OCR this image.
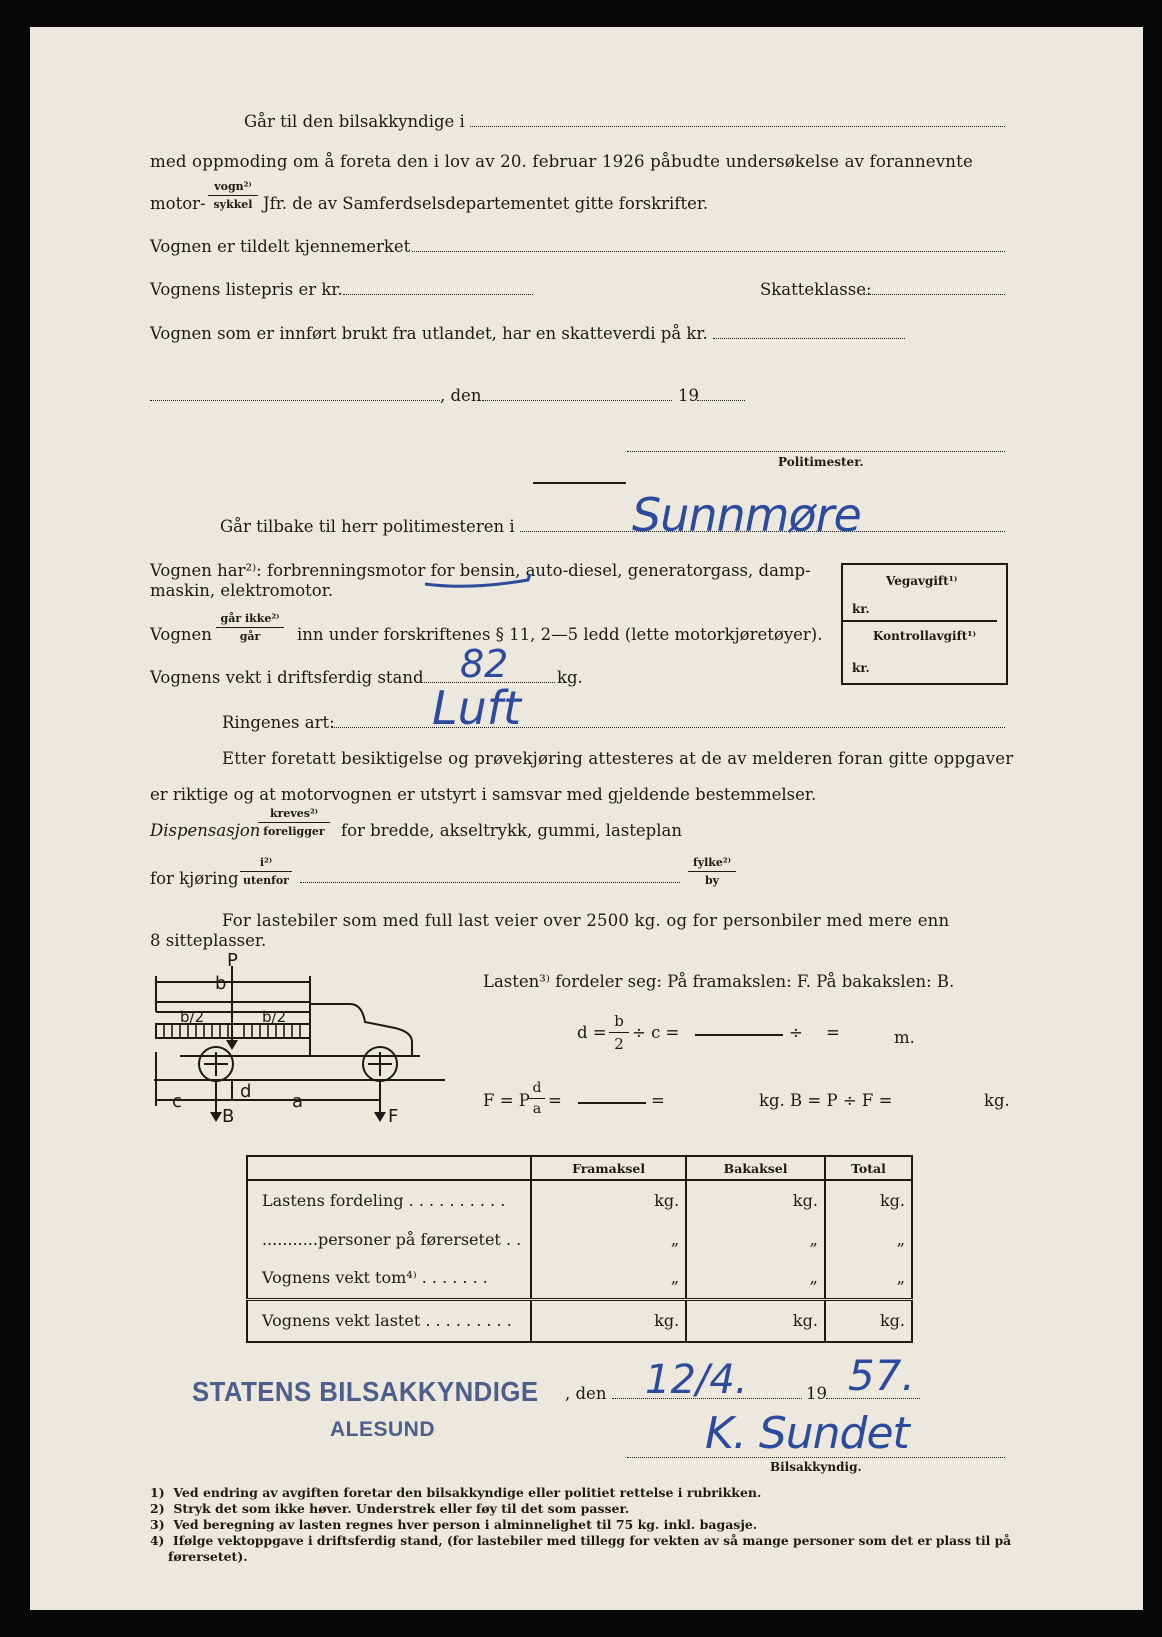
Går til den bilsakkyndige i
med oppmoding om å foreta den i lov av 20. februar 1926 påbudte undersøkelse av forannevnte
motor-
vogn²⁾
sykkel Jfr. de av Samferdselsdepartementet gitte forskrifter.
Vognen er tildelt kjennemerket
Vognens listepris er kr.	Skatteklasse:
Vognen som er innført brukt fra utlandet, har en skatteverdi på kr.
, den	19
Politimester.
Går tilbake til herr politimesteren i	Sunnmøre
Vegavgift¹⁾
kr.
Kontrollavgift¹⁾
kr.
Vognen har²⁾: forbrenningsmotor for bensin, auto-diesel, generatorgass, damp-
maskin, elektromotor.
Vognen
går ikke²⁾
går	inn under forskriftenes § 11, 2—5 ledd (lette motorkjøretøyer).
Vognens vekt i driftsferdig stand	kg.
82
Ringenes art: Luft
Etter foretatt besiktigelse og prøvekjøring attesteres at de av melderen foran gitte oppgaver
er riktige og at motorvognen er utstyrt i samsvar med gjeldende bestemmelser.
Dispensasjon
kreves²⁾
foreligger for bredde, akseltrykk, gummi, lasteplan
for kjøring
i²⁾
utenfor
fylke²⁾
by
For lastebiler som med full last veier over 2500 kg. og for personbiler med mere enn
8 sitteplasser.
P
b
b/2	b/2
c	d a
B	F
Lasten³⁾ fordeler seg: På framakslen: F. På bakakslen: B.
$d = \frac{b}{2} \div c$ =	÷ =	m.
F = P $\frac{d}{a}$ =	=	kg. B = P ÷ F =	kg.
	Framaksel	Bakaksel	Total
Lastens fordeling . . . . . . . . . .	kg.	kg.	kg.
...........personer på førersetet . .	„	„	„
Vognens vekt tom⁴⁾ . . . . . . .	„	„	„
Vognens vekt lastet . . . . . . . . .	kg.	kg.	kg.
STATENS BILSAKKYNDIGE
ALESUND
, den	19
12/4. 57.
K. Sundet
Bilsakkyndig.
1) Ved endring av avgiften foretar den bilsakkyndige eller politiet rettelse i rubrikken.
2) Stryk det som ikke høver. Understrek eller føy til det som passer.
3) Ved beregning av lasten regnes hver person i alminnelighet til 75 kg. inkl. bagasje.
4) Ifølge vektoppgave i driftsferdig stand, (for lastebiler med tillegg for vekten av så mange personer som det er plass til på
førersetet).
